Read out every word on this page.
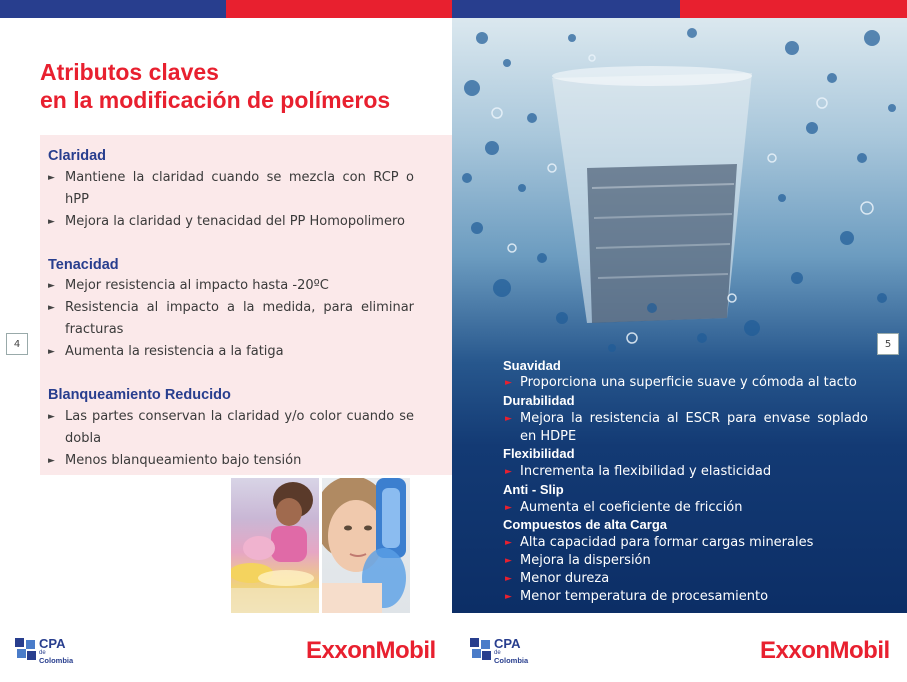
Atributos claves
en la modificación de polímeros
Claridad
► Mantiene la claridad cuando se mezcla con RCP o hPP
► Mejora la claridad y tenacidad del PP Homopolimero
Tenacidad
► Mejor resistencia al impacto hasta -20ºC
► Resistencia al impacto a la medida, para eliminar fracturas
► Aumenta la resistencia a la fatiga
Blanqueamiento Reducido
► Las partes conservan la claridad y/o color cuando se dobla
► Menos blanqueamiento bajo tensión
4	5
Suavidad
► Proporciona una superficie suave y cómoda al tacto
Durabilidad
► Mejora la resistencia al ESCR para envase soplado en HDPE
Flexibilidad
► Incrementa la flexibilidad y elasticidad
Anti - Slip
► Aumenta el coeficiente de fricción
Compuestos de alta Carga
► Alta capacidad para formar cargas minerales
► Mejora la dispersión
► Menor dureza
► Menor temperatura de procesamiento
CPA
de
Colombia	ExxonMobil	CPA
de
Colombia	ExxonMobil
